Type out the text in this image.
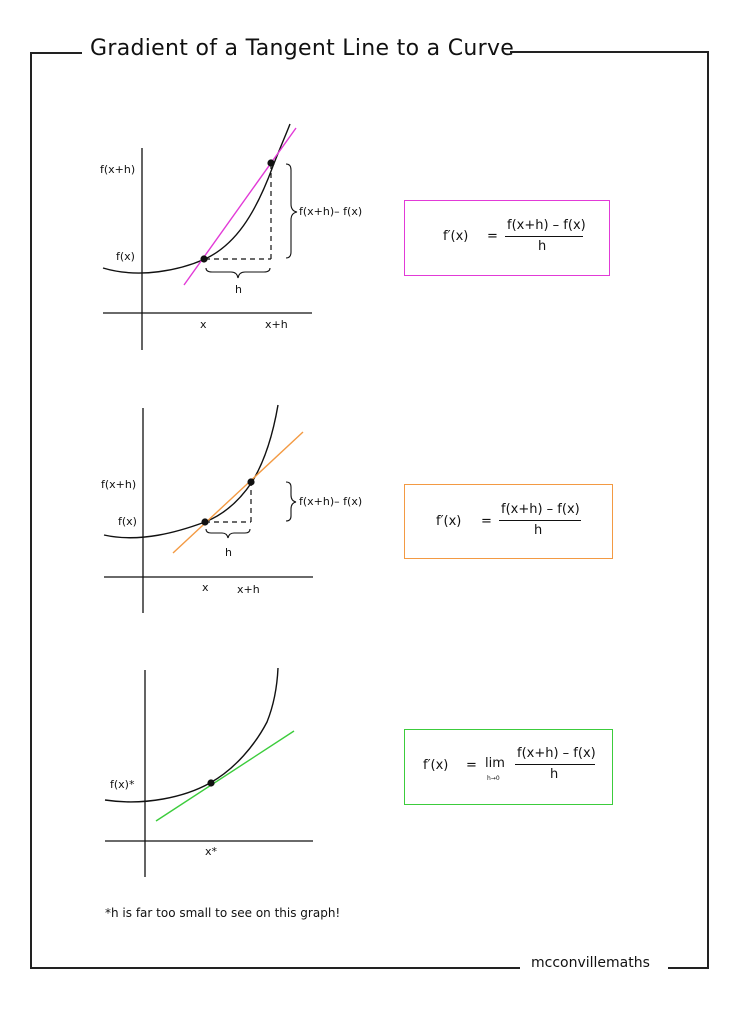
Gradient of a Tangent Line to a Curve
mcconvillemaths
f(x+h)
f(x)
x	x+h
h
f(x+h)– f(x)
f(x+h)
f(x)
x	x+h
h
f(x+h)– f(x)
f(x)*
x*
f′(x) =
f(x+h) – f(x)
h
f′(x) =
f(x+h) – f(x)
h
f′(x) = lim
h→0
f(x+h) – f(x)
h
*h is far too small to see on this graph!
